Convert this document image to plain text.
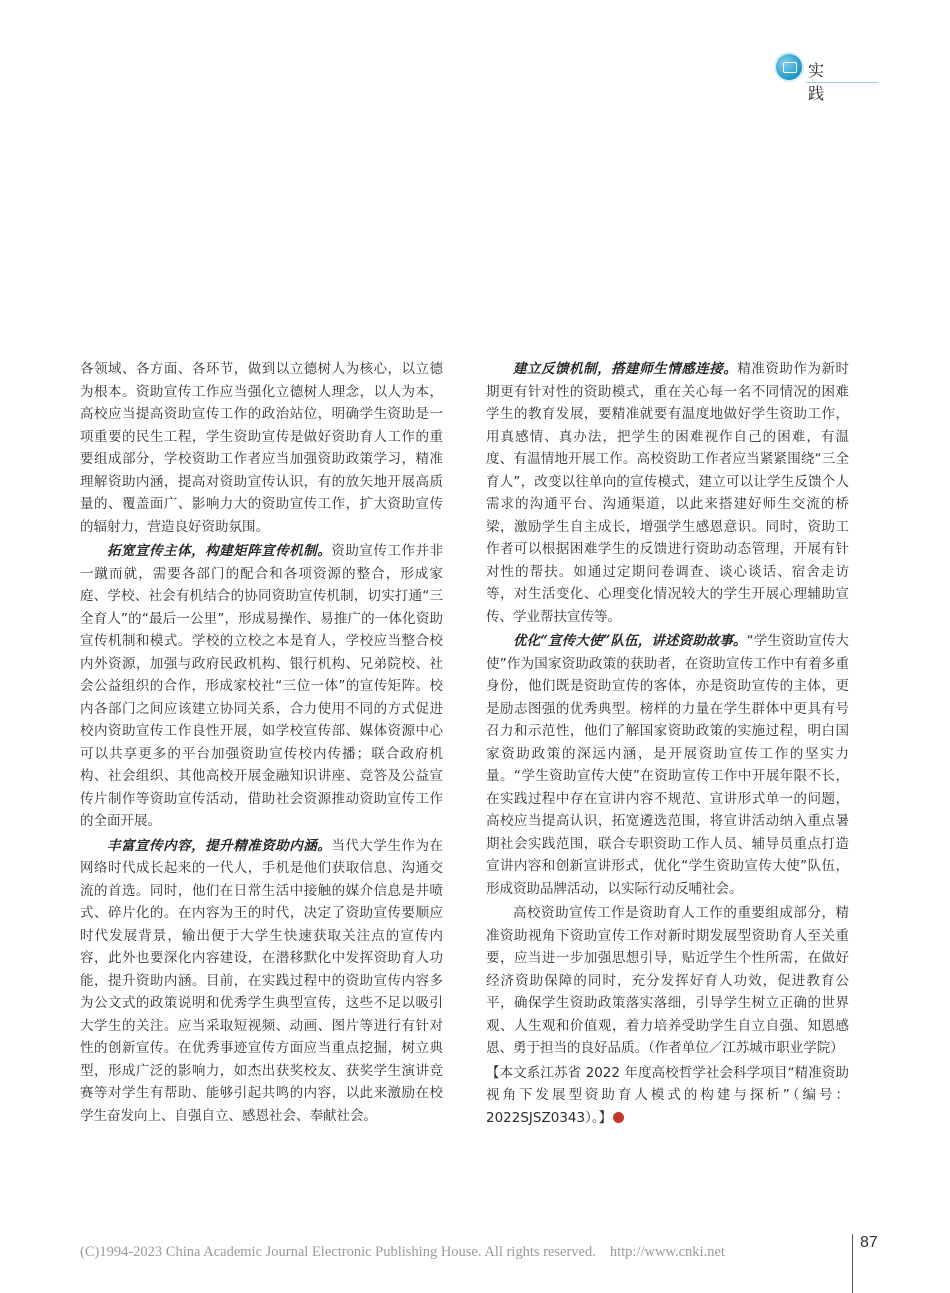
实 践

各领域、各方面、各环节，做到以立德树人为核心，以立德为根本。资助宣传工作应当强化立德树人理念，以人为本，高校应当提高资助宣传工作的政治站位，明确学生资助是一项重要的民生工程，学生资助宣传是做好资助育人工作的重要组成部分，学校资助工作者应当加强资助政策学习，精准理解资助内涵，提高对资助宣传认识，有的放矢地开展高质量的、覆盖面广、影响力大的资助宣传工作，扩大资助宣传的辐射力，营造良好资助氛围。

拓宽宣传主体，构建矩阵宣传机制。资助宣传工作并非一蹴而就，需要各部门的配合和各项资源的整合，形成家庭、学校、社会有机结合的协同资助宣传机制，切实打通“三全育人”的“最后一公里”，形成易操作、易推广的一体化资助宣传机制和模式。学校的立校之本是育人，学校应当整合校内外资源，加强与政府民政机构、银行机构、兄弟院校、社会公益组织的合作，形成家校社“三位一体”的宣传矩阵。校内各部门之间应该建立协同关系，合力使用不同的方式促进校内资助宣传工作良性开展，如学校宣传部、媒体资源中心可以共享更多的平台加强资助宣传校内传播；联合政府机构、社会组织、其他高校开展金融知识讲座、竞答及公益宣传片制作等资助宣传活动，借助社会资源推动资助宣传工作的全面开展。

丰富宣传内容，提升精准资助内涵。当代大学生作为在网络时代成长起来的一代人，手机是他们获取信息、沟通交流的首选。同时，他们在日常生活中接触的媒介信息是井喷式、碎片化的。在内容为王的时代，决定了资助宣传要顺应时代发展背景，输出便于大学生快速获取关注点的宣传内容，此外也要深化内容建设，在潜移默化中发挥资助育人功能，提升资助内涵。目前，在实践过程中的资助宣传内容多为公文式的政策说明和优秀学生典型宣传，这些不足以吸引大学生的关注。应当采取短视频、动画、图片等进行有针对性的创新宣传。在优秀事迹宣传方面应当重点挖掘，树立典型，形成广泛的影响力，如杰出获奖校友、获奖学生演讲竞赛等对学生有帮助、能够引起共鸣的内容，以此来激励在校学生奋发向上、自强自立、感恩社会、奉献社会。

建立反馈机制，搭建师生情感连接。精准资助作为新时期更有针对性的资助模式，重在关心每一名不同情况的困难学生的教育发展，要精准就要有温度地做好学生资助工作，用真感情、真办法，把学生的困难视作自己的困难，有温度、有温情地开展工作。高校资助工作者应当紧紧围绕“三全育人”，改变以往单向的宣传模式，建立可以让学生反馈个人需求的沟通平台、沟通渠道，以此来搭建好师生交流的桥梁，激励学生自主成长，增强学生感恩意识。同时，资助工作者可以根据困难学生的反馈进行资助动态管理，开展有针对性的帮扶。如通过定期问卷调查、谈心谈话、宿舍走访等，对生活变化、心理变化情况较大的学生开展心理辅助宣传、学业帮扶宣传等。

优化“宣传大使”队伍，讲述资助故事。“学生资助宣传大使”作为国家资助政策的获助者，在资助宣传工作中有着多重身份，他们既是资助宣传的客体，亦是资助宣传的主体，更是励志图强的优秀典型。榜样的力量在学生群体中更具有号召力和示范性，他们了解国家资助政策的实施过程，明白国家资助政策的深远内涵，是开展资助宣传工作的坚实力量。“学生资助宣传大使”在资助宣传工作中开展年限不长，在实践过程中存在宣讲内容不规范、宣讲形式单一的问题，高校应当提高认识，拓宽遴选范围，将宣讲活动纳入重点暑期社会实践范围，联合专职资助工作人员、辅导员重点打造宣讲内容和创新宣讲形式，优化“学生资助宣传大使”队伍，形成资助品牌活动，以实际行动反哺社会。

高校资助宣传工作是资助育人工作的重要组成部分，精准资助视角下资助宣传工作对新时期发展型资助育人至关重要，应当进一步加强思想引导，贴近学生个性所需，在做好经济资助保障的同时，充分发挥好育人功效，促进教育公平，确保学生资助政策落实落细，引导学生树立正确的世界观、人生观和价值观，着力培养受助学生自立自强、知恩感恩、勇于担当的良好品质。（作者单位／江苏城市职业学院）

【本文系江苏省 2022 年度高校哲学社会科学项目“精准资助视角下发展型资助育人模式的构建与探析”（编号：2022SJSZ0343）。】

(C)1994-2023 China Academic Journal Electronic Publishing House. All rights reserved. http://www.cnki.net
87
